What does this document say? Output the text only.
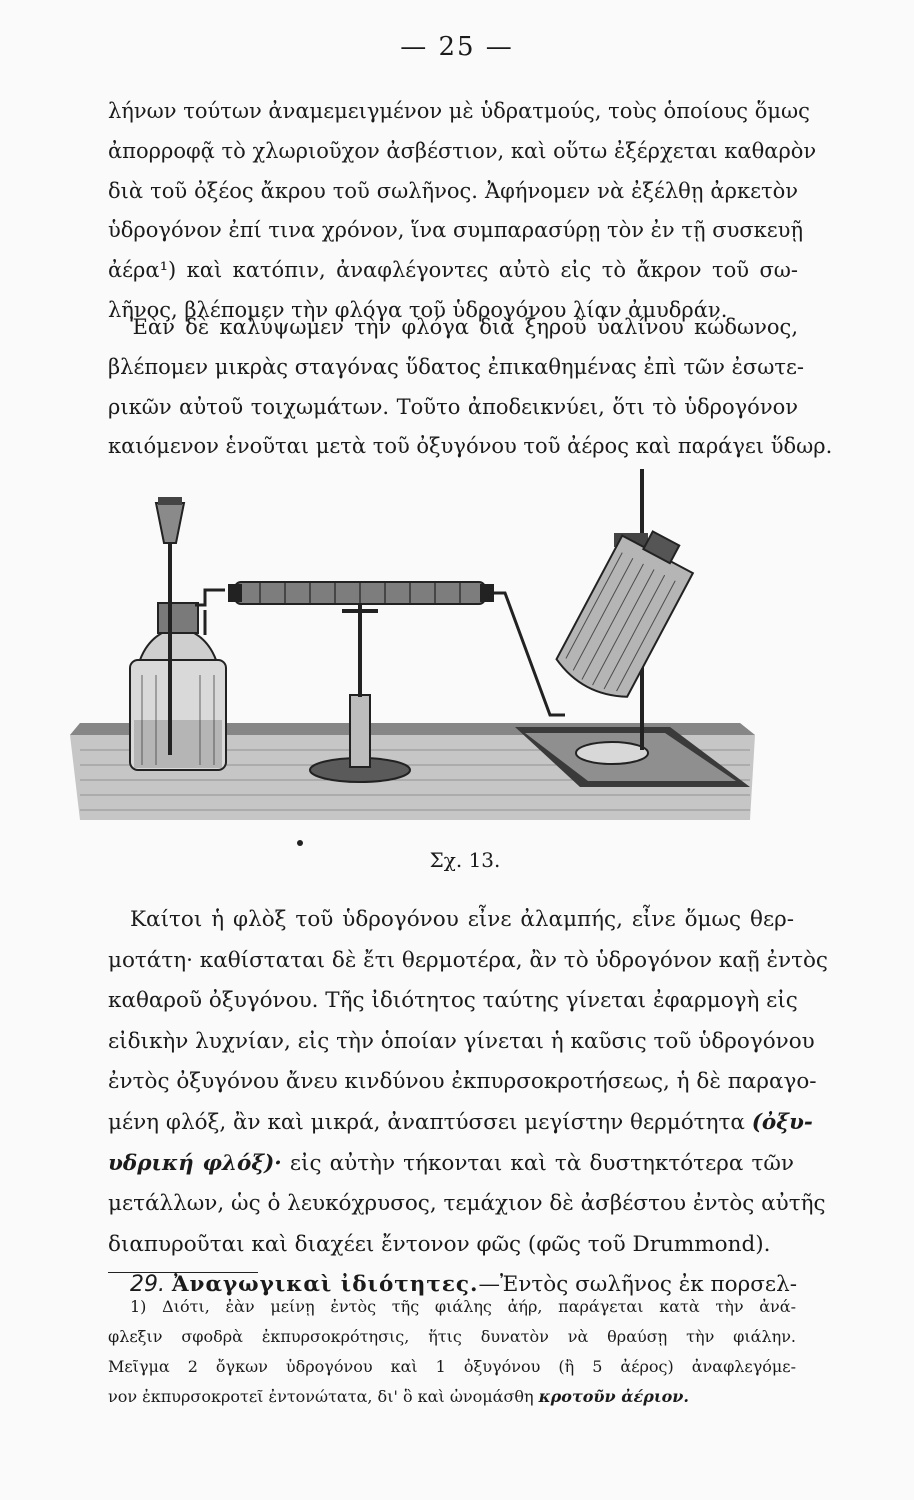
— 25 —

λήνων τούτων ἀναμεμειγμένον μὲ ὑδρατμούς, τοὺς ὁποίους ὅμως
ἀπορροφᾷ τὸ χλωριοῦχον ἀσβέστιον, καὶ οὕτω ἐξέρχεται καθαρὸν
διὰ τοῦ ὀξέος ἄκρου τοῦ σωλῆνος. Ἀφήνομεν νὰ ἐξέλθῃ ἀρκετὸν
ὑδρογόνον ἐπί τινα χρόνον, ἵνα συμπαρασύρῃ τὸν ἐν τῇ συσκευῇ
ἀέρα¹) καὶ κατόπιν, ἀναφλέγοντες αὐτὸ εἰς τὸ ἄκρον τοῦ σω-
λῆνος, βλέπομεν τὴν φλόγα τοῦ ὑδρογόνου λίαν ἀμυδράν.

Ἐὰν δὲ καλύψωμεν τὴν φλόγα διὰ ξηροῦ ὑαλίνου κώδωνος,
βλέπομεν μικρὰς σταγόνας ὕδατος ἐπικαθημένας ἐπὶ τῶν ἐσωτε-
ρικῶν αὐτοῦ τοιχωμάτων. Τοῦτο ἀποδεικνύει, ὅτι τὸ ὑδρογόνον
καιόμενον ἑνοῦται μετὰ τοῦ ὀξυγόνου τοῦ ἀέρος καὶ παράγει ὕδωρ.

Σχ. 13.

Καίτοι ἡ φλὸξ τοῦ ὑδρογόνου εἶνε ἀλαμπής, εἶνε ὅμως θερ-
μοτάτη· καθίσταται δὲ ἔτι θερμοτέρα, ἂν τὸ ὑδρογόνον καῇ ἐντὸς
καθαροῦ ὀξυγόνου. Τῆς ἰδιότητος ταύτης γίνεται ἐφαρμογὴ εἰς
εἰδικὴν λυχνίαν, εἰς τὴν ὁποίαν γίνεται ἡ καῦσις τοῦ ὑδρογόνου
ἐντὸς ὀξυγόνου ἄνευ κινδύνου ἐκπυρσοκροτήσεως, ἡ δὲ παραγο-
μένη φλόξ, ἂν καὶ μικρά, ἀναπτύσσει μεγίστην θερμότητα (ὀξυ-
υδρική φλόξ)· εἰς αὐτὴν τήκονται καὶ τὰ δυστηκτότερα τῶν
μετάλλων, ὡς ὁ λευκόχρυσος, τεμάχιον δὲ ἀσβέστου ἐντὸς αὐτῆς
διαπυροῦται καὶ διαχέει ἔντονον φῶς (φῶς τοῦ Drummond).
29. Ἀναγωγικαὶ ἰδιότητες.—Ἐντὸς σωλῆνος ἐκ πορσελ-

1) Διότι, ἐὰν μείνῃ ἐντὸς τῆς φιάλης ἀήρ, παράγεται κατὰ τὴν ἀνά-
φλεξιν σφοδρὰ ἐκπυρσοκρότησις, ἥτις δυνατὸν νὰ θραύσῃ τὴν φιάλην.
Μεῖγμα 2 ὄγκων ὑδρογόνου καὶ 1 ὀξυγόνου (ἢ 5 ἀέρος) ἀναφλεγόμε-
νον ἐκπυρσοκροτεῖ ἐντονώτατα, δι' ὃ καὶ ὠνομάσθη κροτοῦν ἀέριον.
